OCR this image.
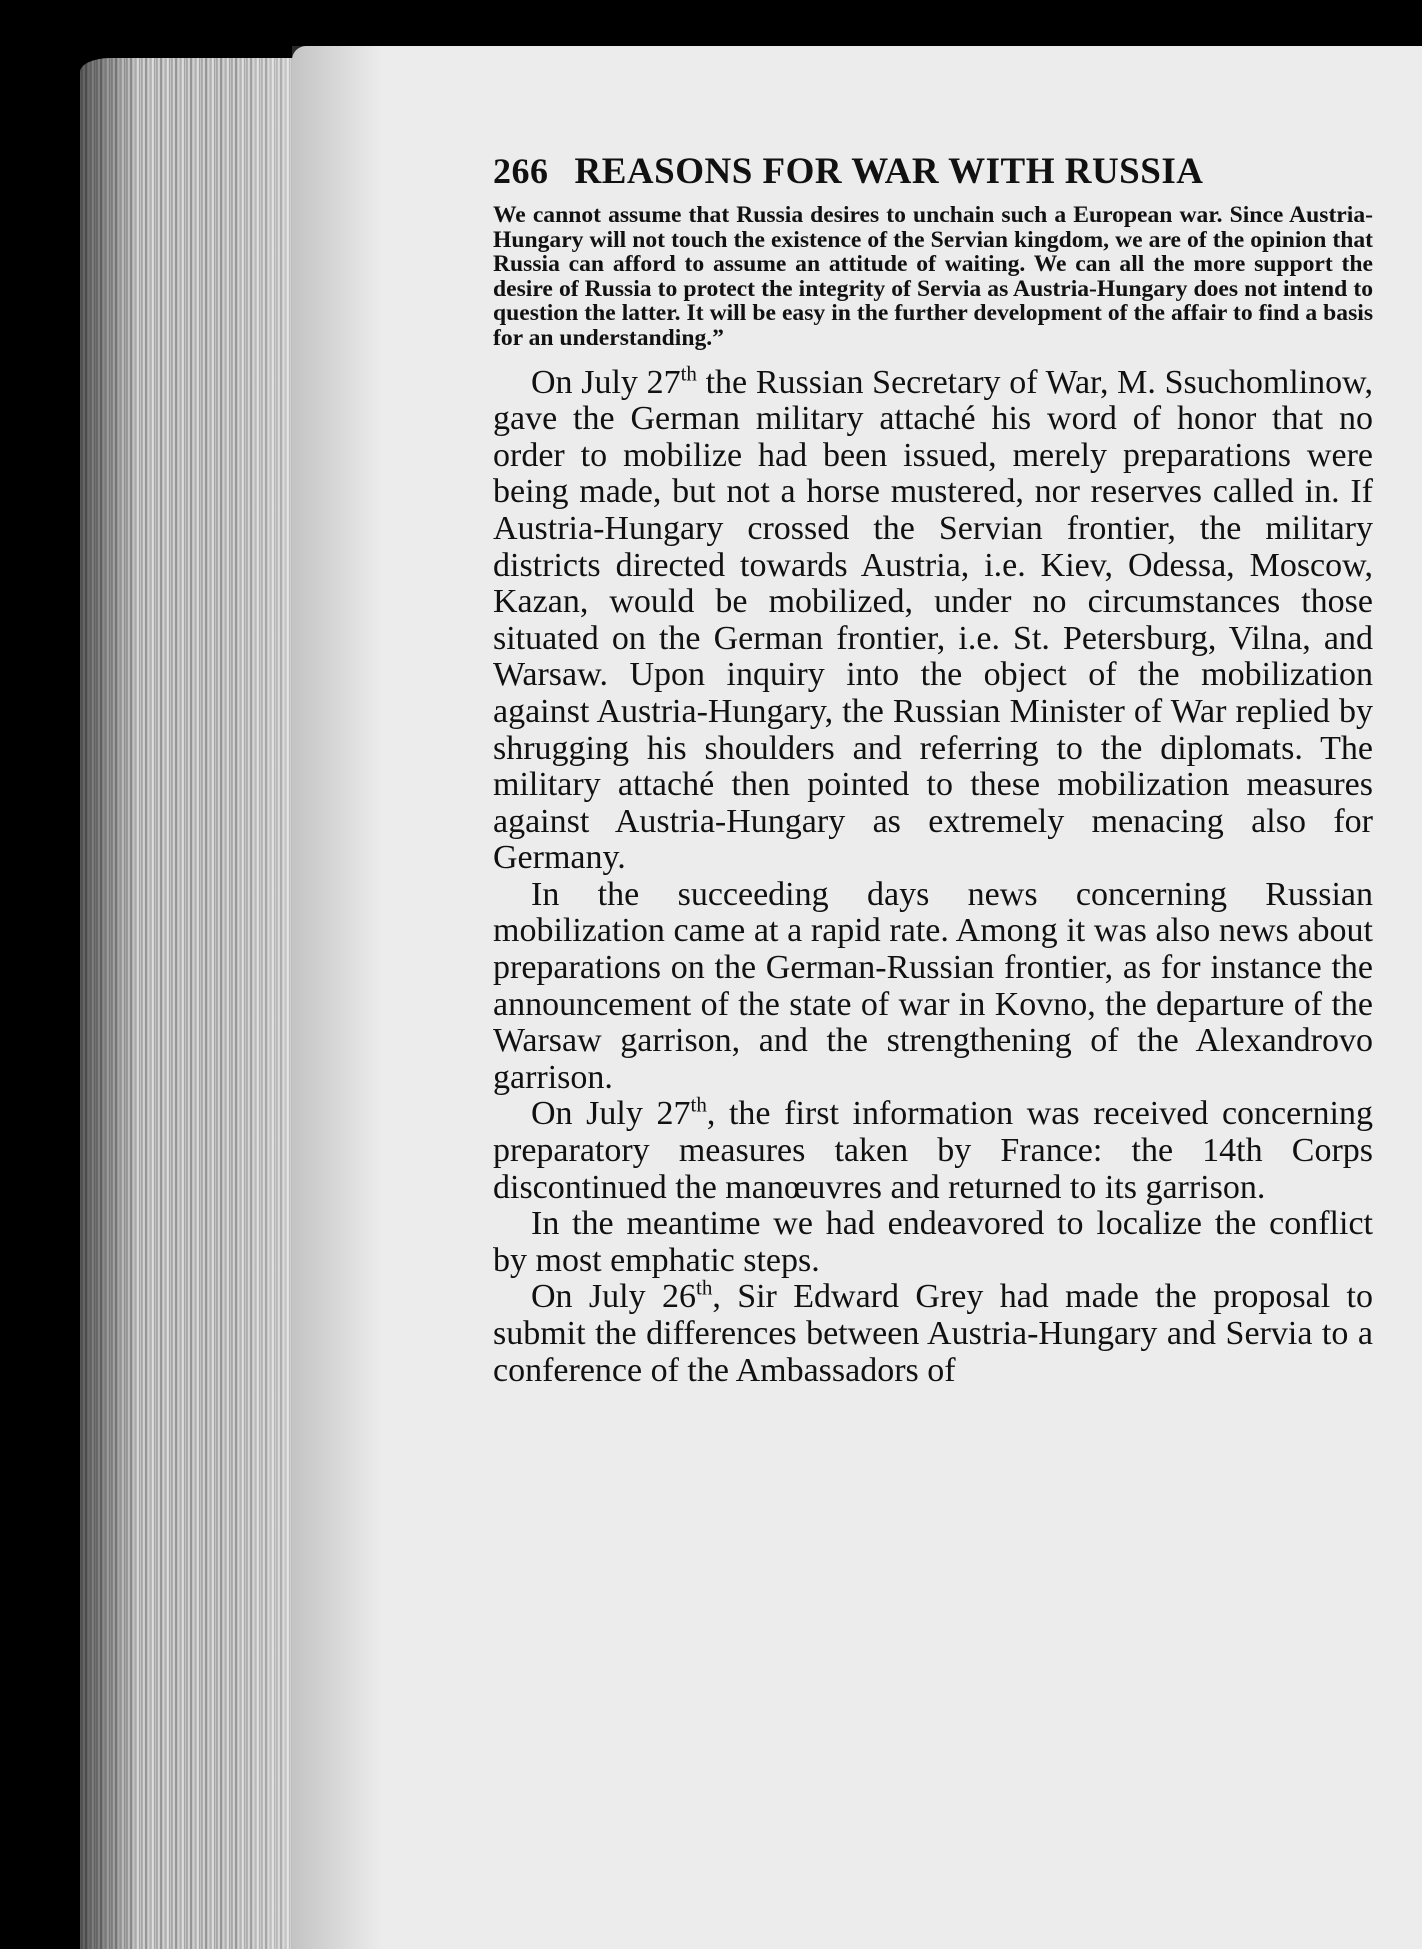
266 REASONS FOR WAR WITH RUSSIA

We cannot assume that Russia desires to unchain such a European war. Since Austria-Hungary will not touch the existence of the Servian kingdom, we are of the opinion that Russia can afford to assume an attitude of waiting. We can all the more support the desire of Russia to protect the integrity of Servia as Austria-Hungary does not intend to question the latter. It will be easy in the further development of the affair to find a basis for an understanding.”

On July 27th the Russian Secretary of War, M. Ssuchomlinow, gave the German military attaché his word of honor that no order to mobilize had been issued, merely preparations were being made, but not a horse mustered, nor reserves called in. If Austria-Hungary crossed the Servian frontier, the military districts directed towards Austria, i.e. Kiev, Odessa, Moscow, Kazan, would be mobilized, under no circumstances those situated on the German frontier, i.e. St. Petersburg, Vilna, and Warsaw. Upon inquiry into the object of the mobilization against Austria-Hungary, the Russian Minister of War replied by shrugging his shoulders and referring to the diplomats. The military attaché then pointed to these mobilization measures against Austria-Hungary as extremely menacing also for Germany.

In the succeeding days news concerning Russian mobilization came at a rapid rate. Among it was also news about preparations on the German-Russian frontier, as for instance the announcement of the state of war in Kovno, the departure of the Warsaw garrison, and the strengthening of the Alexandrovo garrison.

On July 27th, the first information was received concerning preparatory measures taken by France: the 14th Corps discontinued the manœuvres and returned to its garrison.

In the meantime we had endeavored to localize the conflict by most emphatic steps.

On July 26th, Sir Edward Grey had made the proposal to submit the differences between Austria-Hungary and Servia to a conference of the Ambassadors of
